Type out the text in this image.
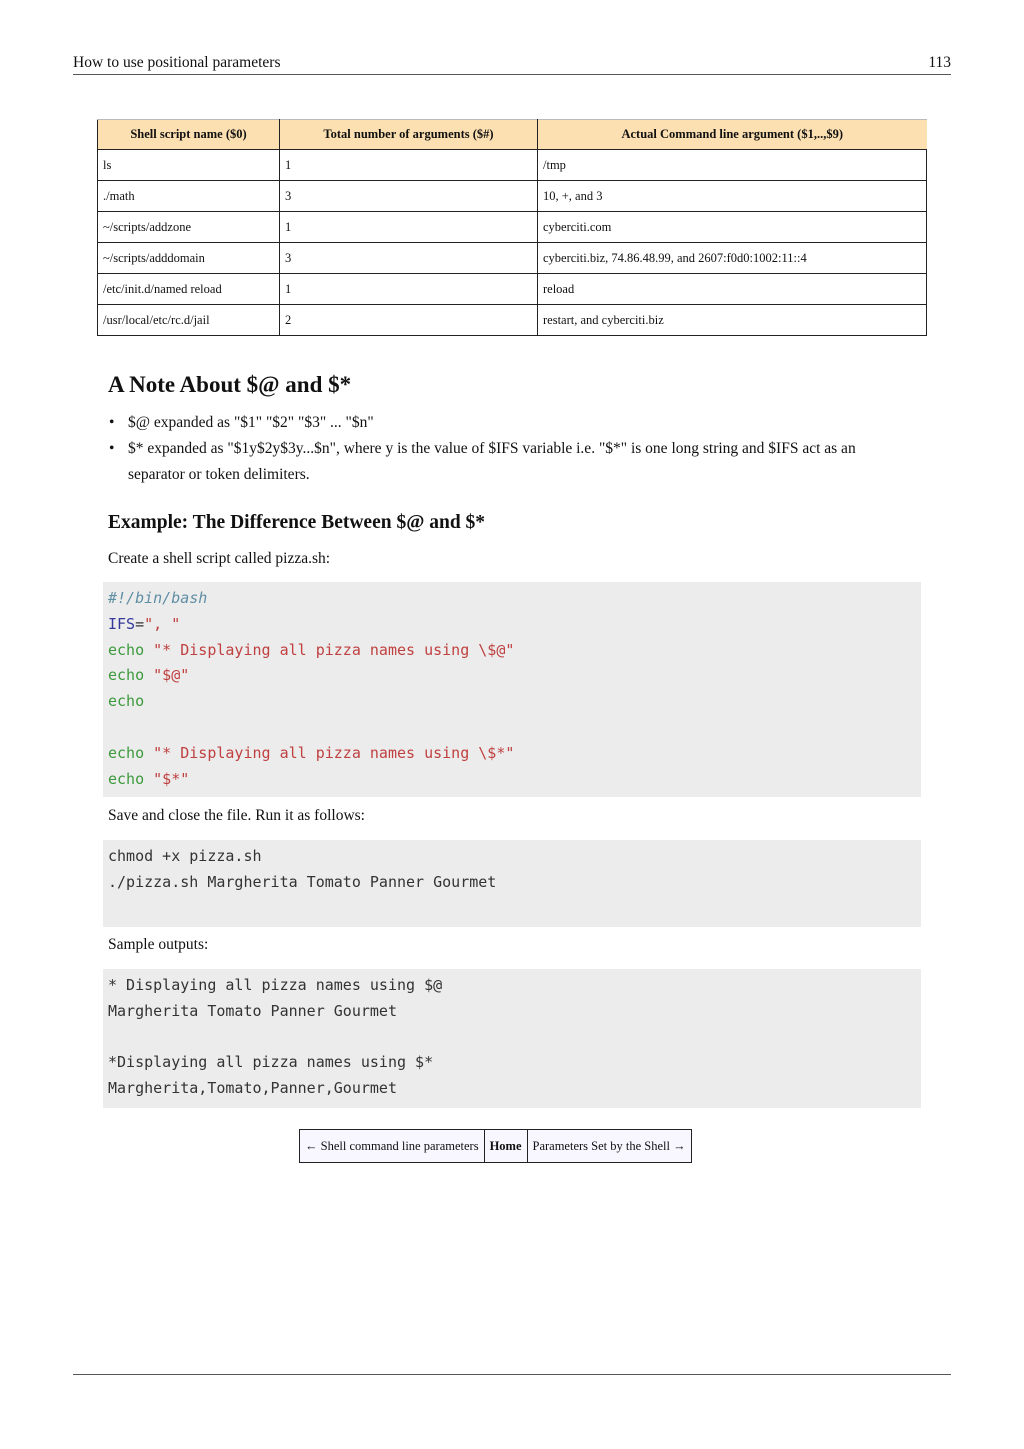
How to use positional parameters	113
Shell script name ($0)	Total number of arguments ($#)	Actual Command line argument ($1,..,$9)
ls	1	/tmp
./math	3	10, +, and 3
~/scripts/addzone	1	cyberciti.com
~/scripts/adddomain	3	cyberciti.biz, 74.86.48.99, and 2607:f0d0:1002:11::4
/etc/init.d/named reload	1	reload
/usr/local/etc/rc.d/jail	2	restart, and cyberciti.biz
A Note About $@ and $*
• $@ expanded as "$1" "$2" "$3" ... "$n"
• $* expanded as "$1y$2y$3y...$n", where y is the value of $IFS variable i.e. "$*" is one long string and $IFS act as an separator or token delimiters.
Example: The Difference Between $@ and $*

Create a shell script called pizza.sh:

#!/bin/bash
IFS=", "
echo "* Displaying all pizza names using \$@"
echo "$@"
echo
echo "* Displaying all pizza names using \$*"
echo "$*"

Save and close the file. Run it as follows:

chmod +x pizza.sh
./pizza.sh Margherita Tomato Panner Gourmet

Sample outputs:

* Displaying all pizza names using $@
Margherita Tomato Panner Gourmet
*Displaying all pizza names using $*
Margherita,Tomato,Panner,Gourmet
← Shell command line parameters Home Parameters Set by the Shell →
